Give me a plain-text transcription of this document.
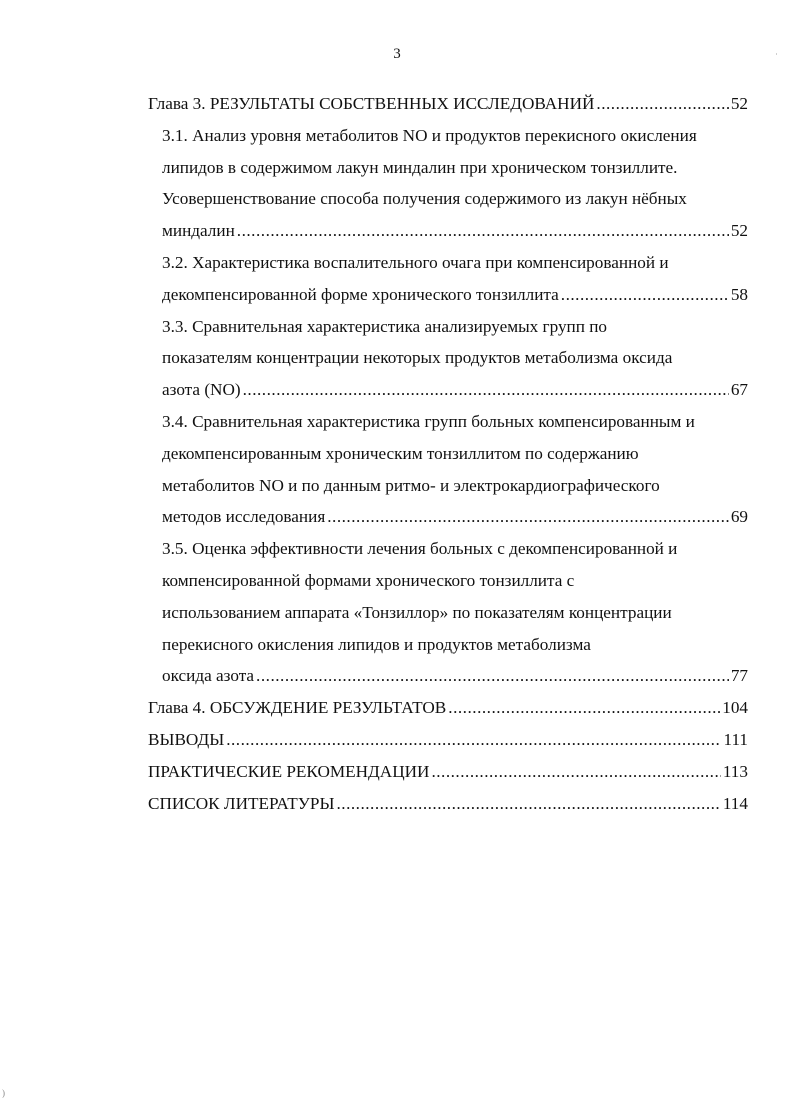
3	ʿ
)
Глава 3. РЕЗУЛЬТАТЫ СОБСТВЕННЫХ ИССЛЕДОВАНИЙ .....	52
3.1. Анализ уровня метаболитов NO и продуктов перекисного окисления
липидов в содержимом лакун миндалин при хроническом тонзиллите.
Усовершенствование способа получения содержимого из лакун нёбных
миндалин .....	52
3.2. Характеристика воспалительного очага при компенсированной и
декомпенсированной форме хронического тонзиллита .....	58
3.3. Сравнительная характеристика анализируемых групп по
показателям концентрации некоторых продуктов метаболизма оксида
азота (NO) .....	67
3.4. Сравнительная характеристика групп больных компенсированным и
декомпенсированным хроническим тонзиллитом по содержанию
метаболитов NO и по данным ритмо- и электрокардиографического
методов исследования .....	69
3.5. Оценка эффективности лечения больных с декомпенсированной и
компенсированной формами хронического тонзиллита с
использованием аппарата «Тонзиллор» по показателям концентрации
перекисного окисления липидов и продуктов метаболизма
оксида азота .....	77
Глава 4. ОБСУЖДЕНИЕ РЕЗУЛЬТАТОВ .....	104
ВЫВОДЫ .....	111
ПРАКТИЧЕСКИЕ РЕКОМЕНДАЦИИ .....	113
СПИСОК ЛИТЕРАТУРЫ .....	114
